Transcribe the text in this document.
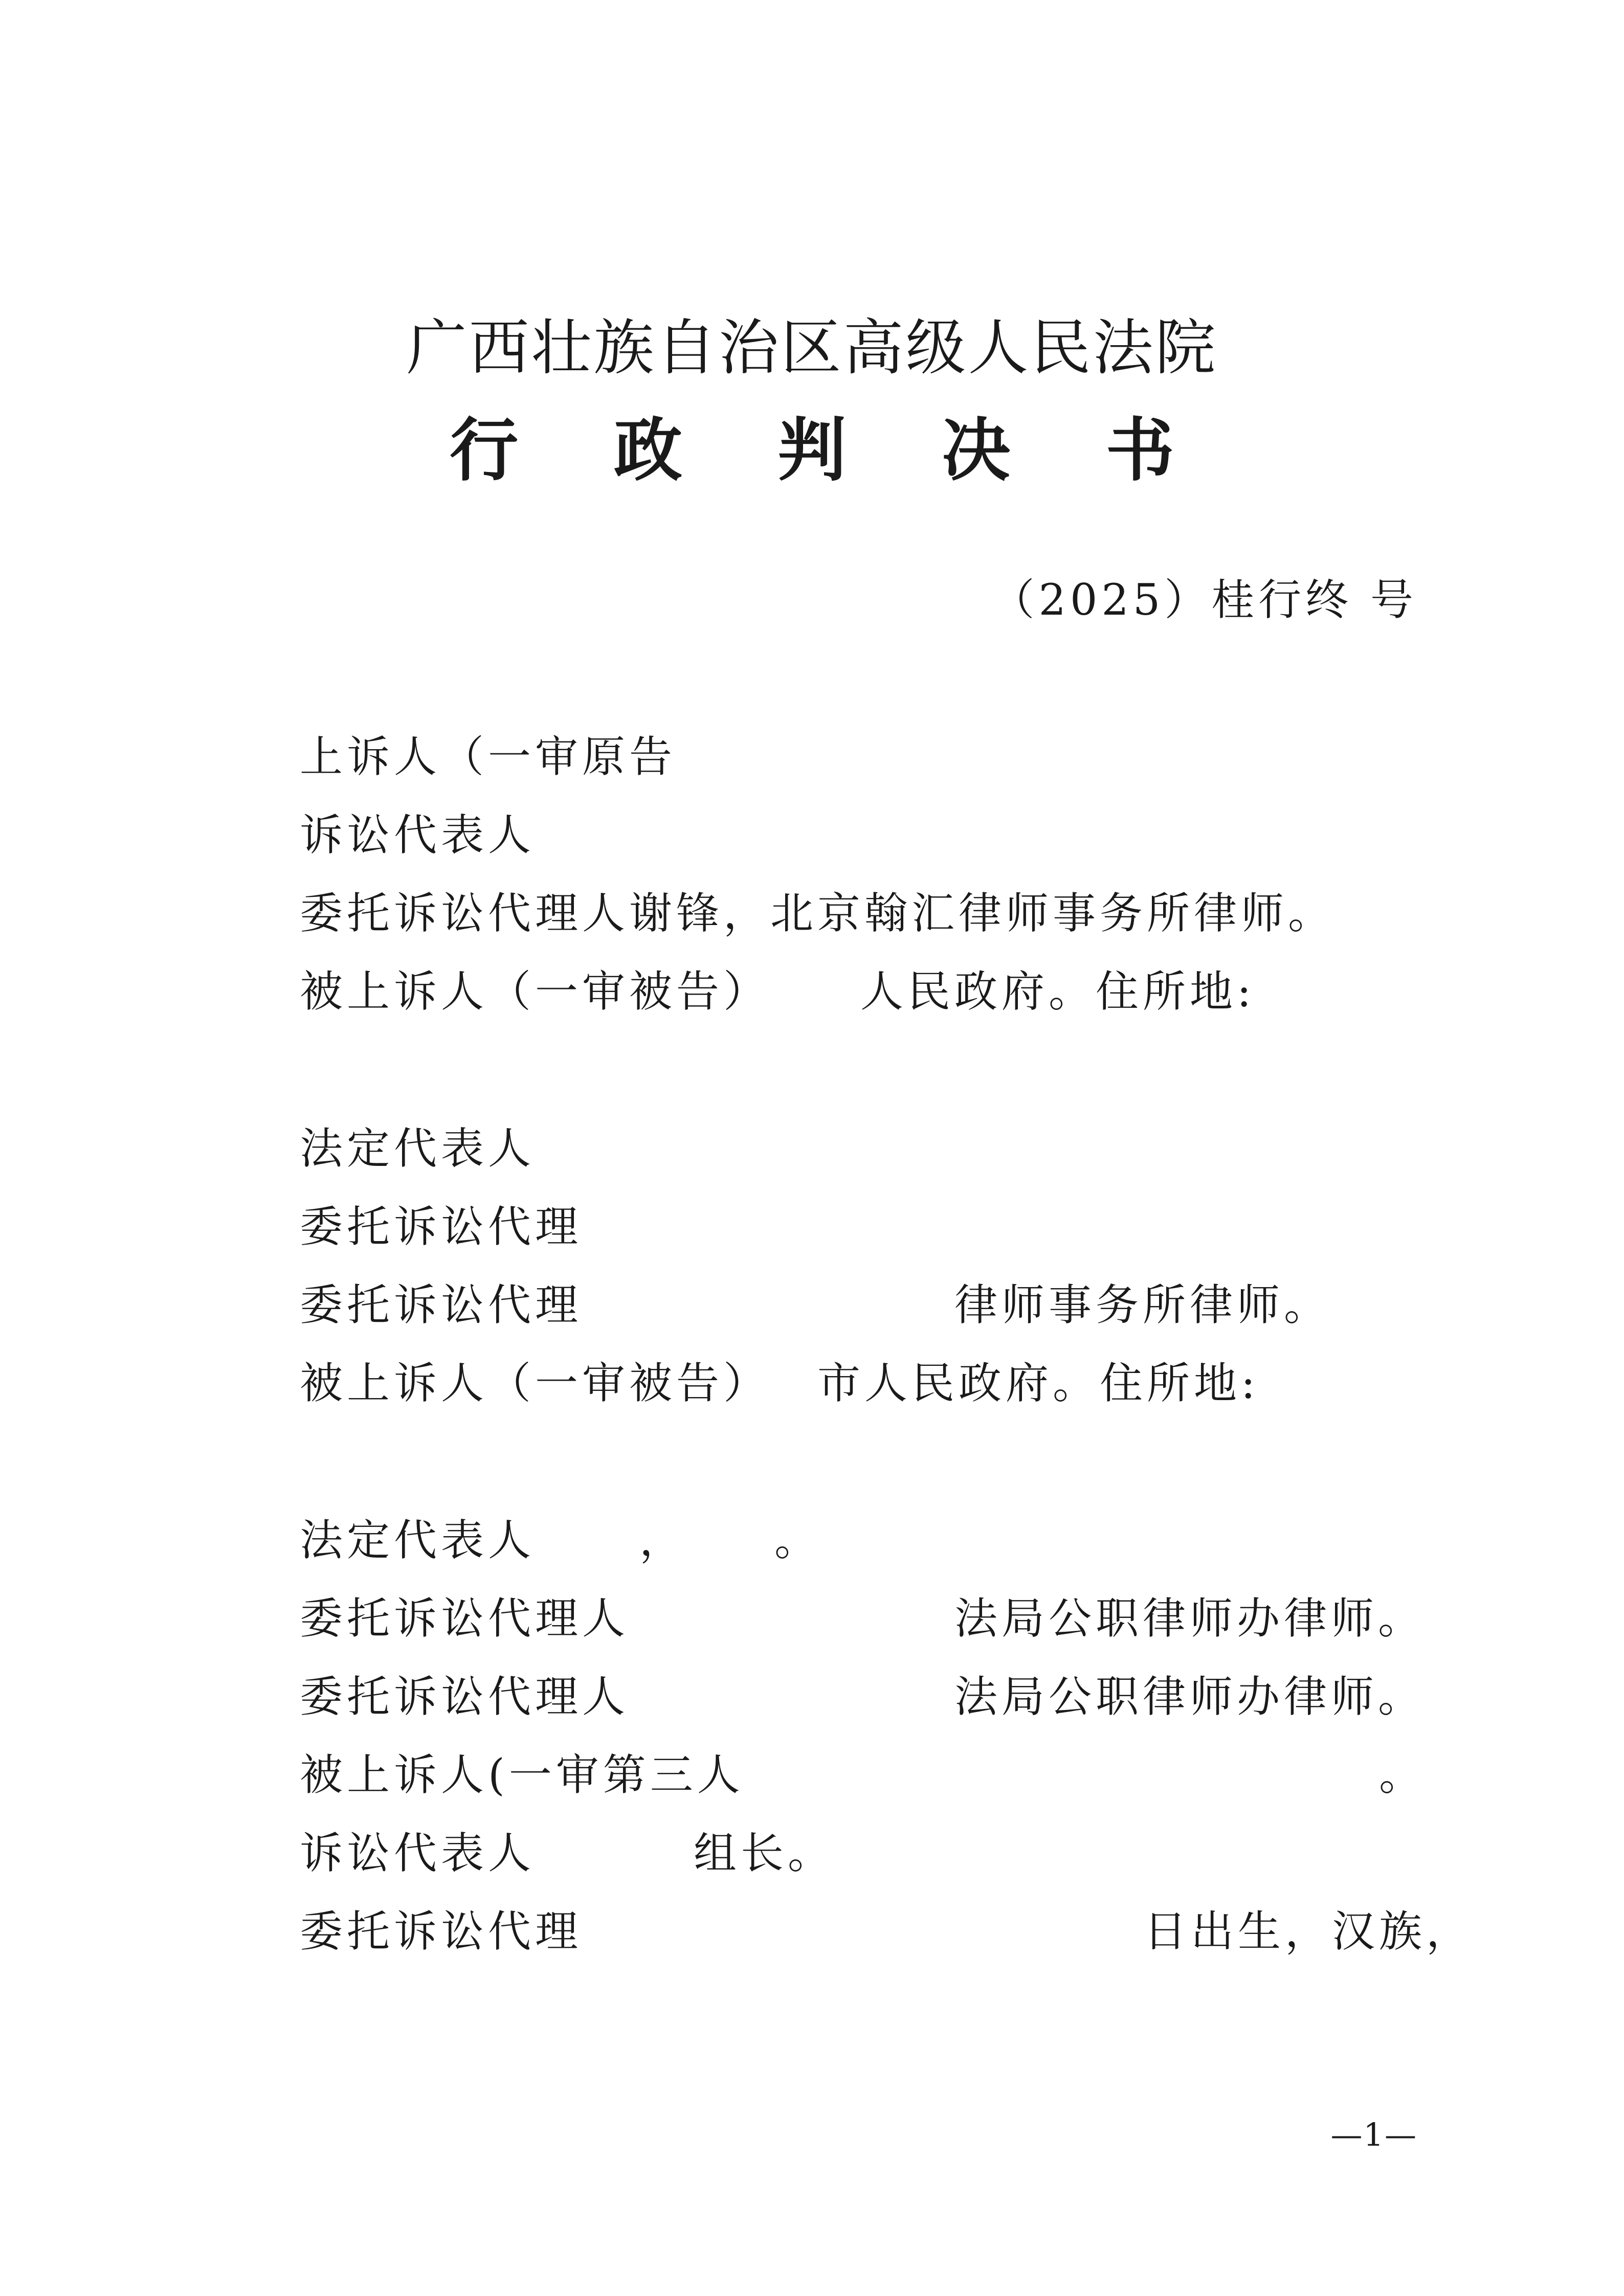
广西壮族自治区高级人民法院
行 政 判 决 书
（2025）桂行终 号
上诉人（一审原告
诉讼代表人
委托诉讼代理人谢锋，北京翰汇律师事务所律师。
被上诉人（一审被告） 人民政府。住所地:
法定代表人
委托诉讼代理
委托诉讼代理	律师事务所律师。
被上诉人（一审被告） 市人民政府。住所地:
法定代表人 ， 。
委托诉讼代理人	法局公职律师办律师。
委托诉讼代理人	法局公职律师办律师。
被上诉人(一审第三人	。
诉讼代表人	组长。
委托诉讼代理	日出生，汉族，
—1—
